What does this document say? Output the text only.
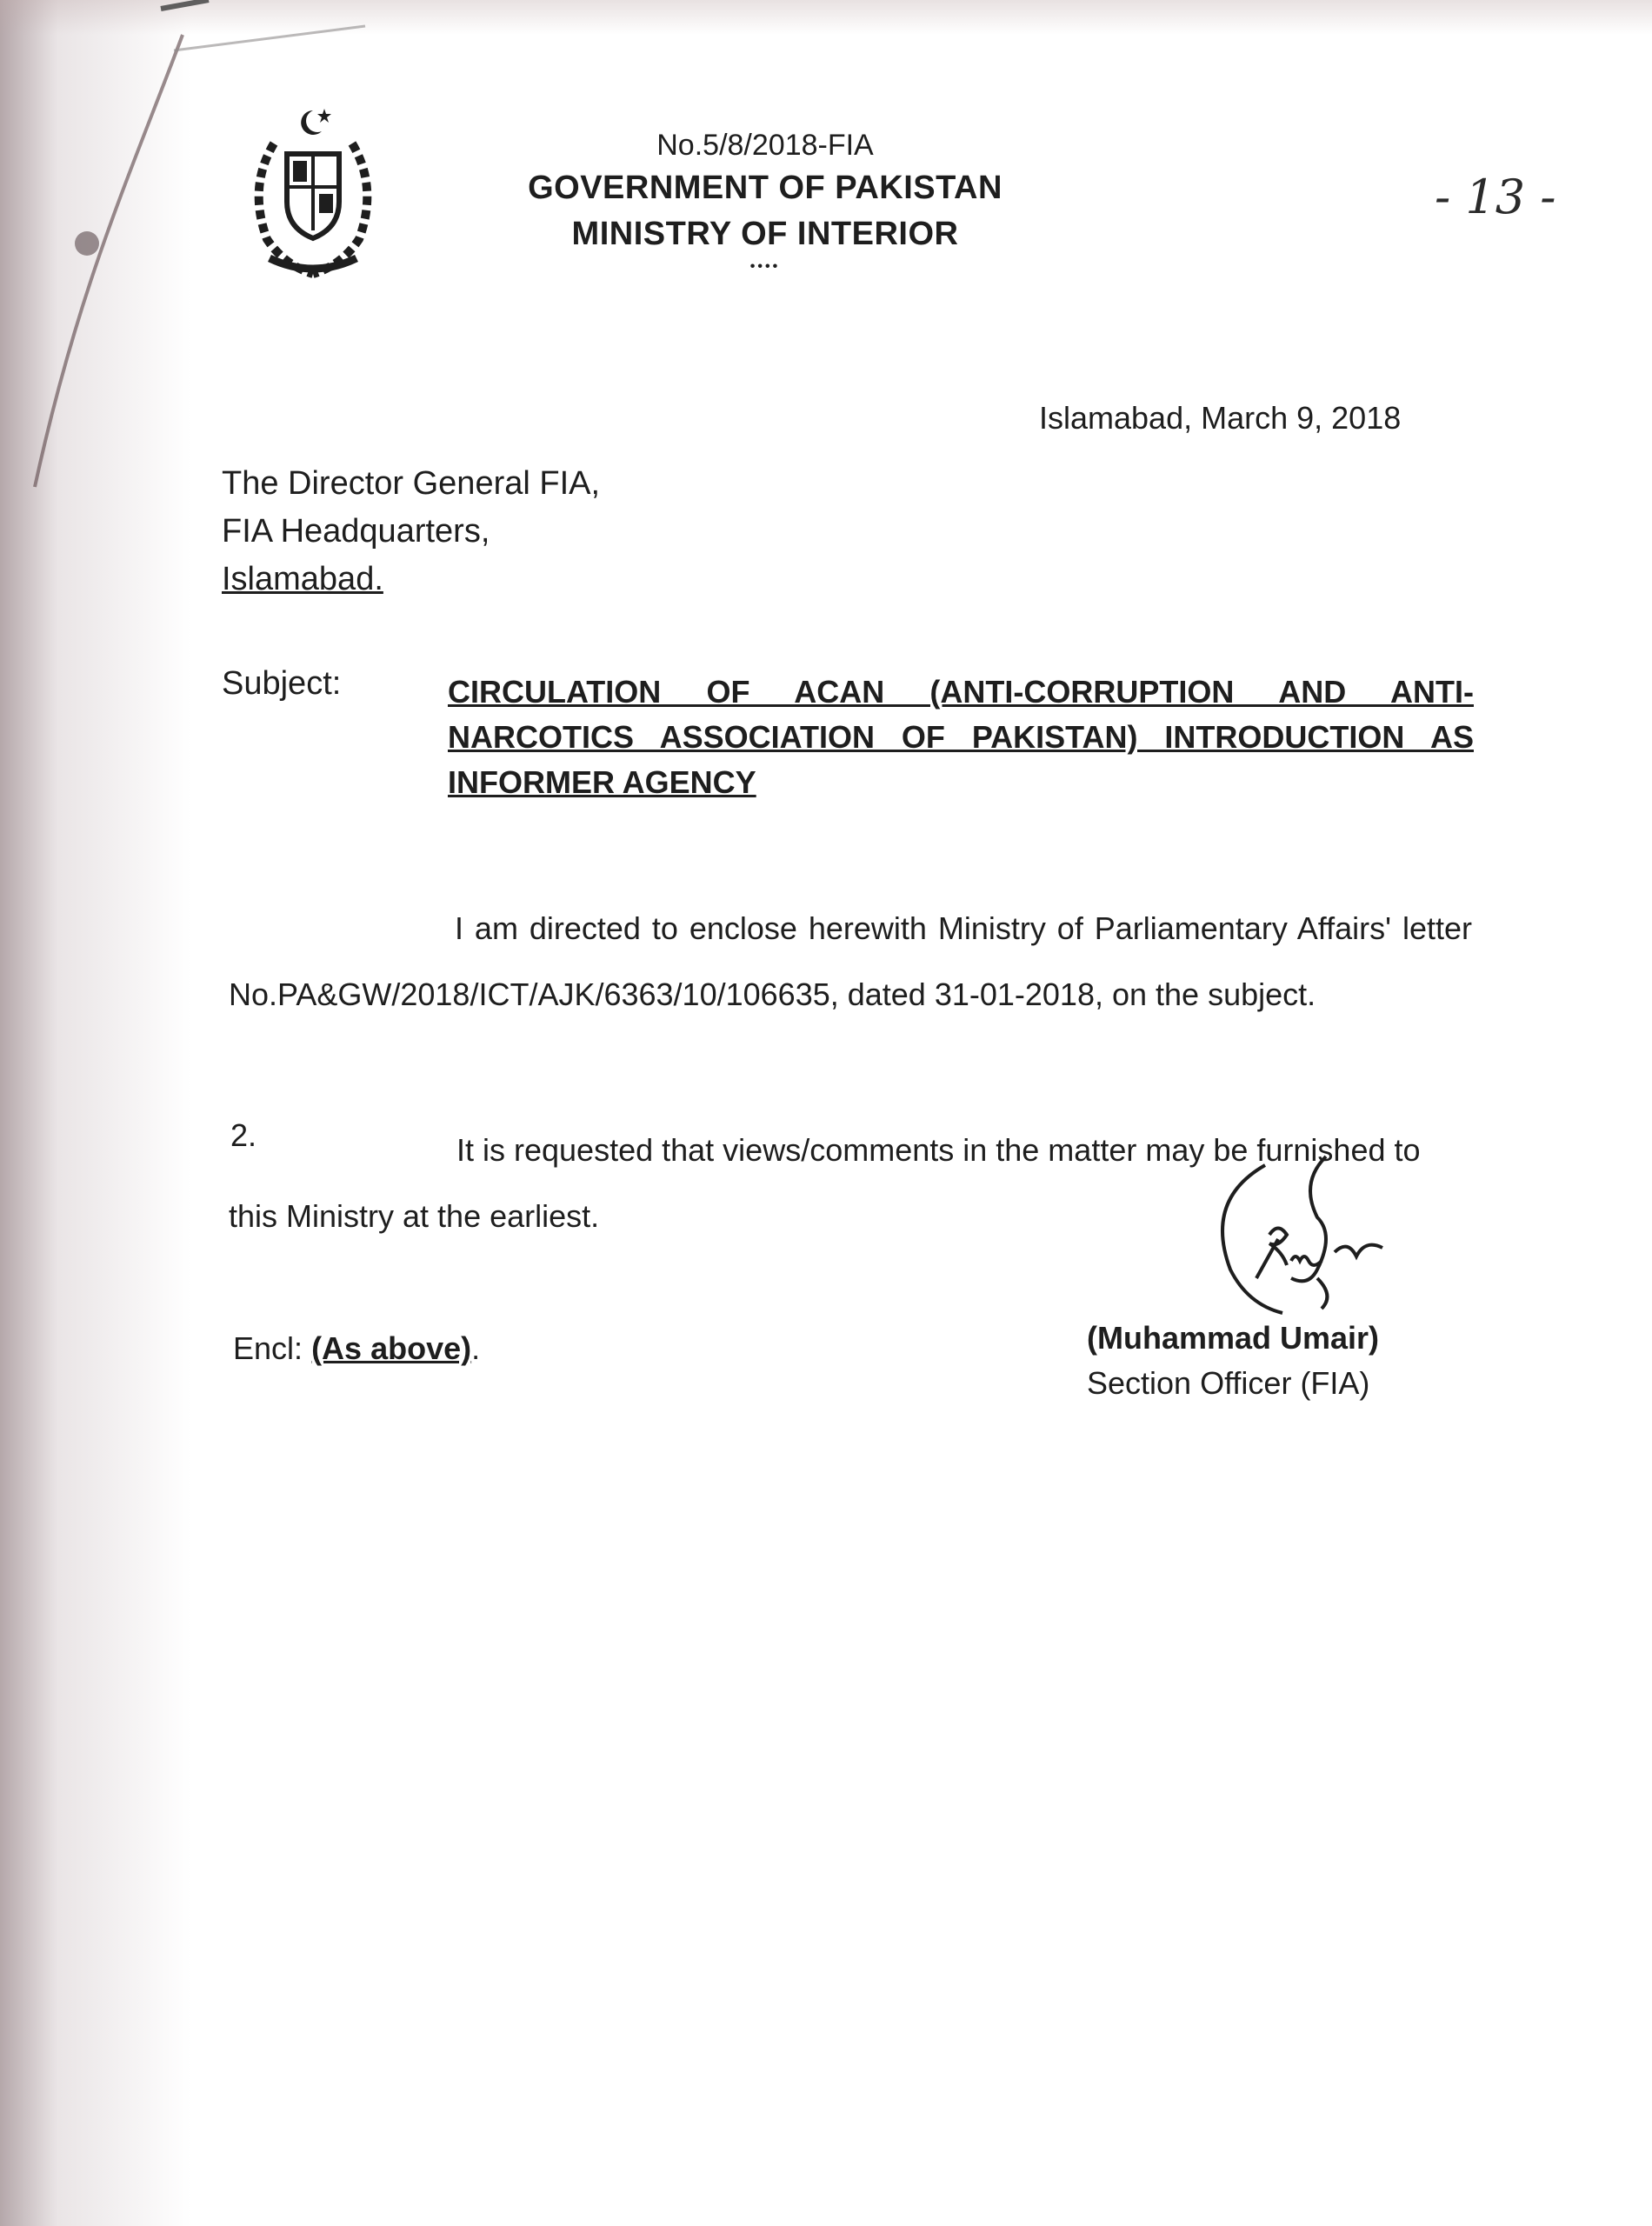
No.5/8/2018-FIA
GOVERNMENT OF PAKISTAN
MINISTRY OF INTERIOR
••••
- 13 -
Islamabad, March 9, 2018
The Director General FIA,
FIA Headquarters,
Islamabad.
Subject:	CIRCULATION OF ACAN (ANTI-CORRUPTION AND ANTI-NARCOTICS ASSOCIATION OF PAKISTAN) INTRODUCTION AS INFORMER AGENCY
I am directed to enclose herewith Ministry of Parliamentary Affairs' letter No.PA&GW/2018/ICT/AJK/6363/10/106635, dated 31-01-2018, on the subject.
2.	It is requested that views/comments in the matter may be furnished to this Ministry at the earliest.
Encl: (As above).	(Muhammad Umair)
Section Officer (FIA)
